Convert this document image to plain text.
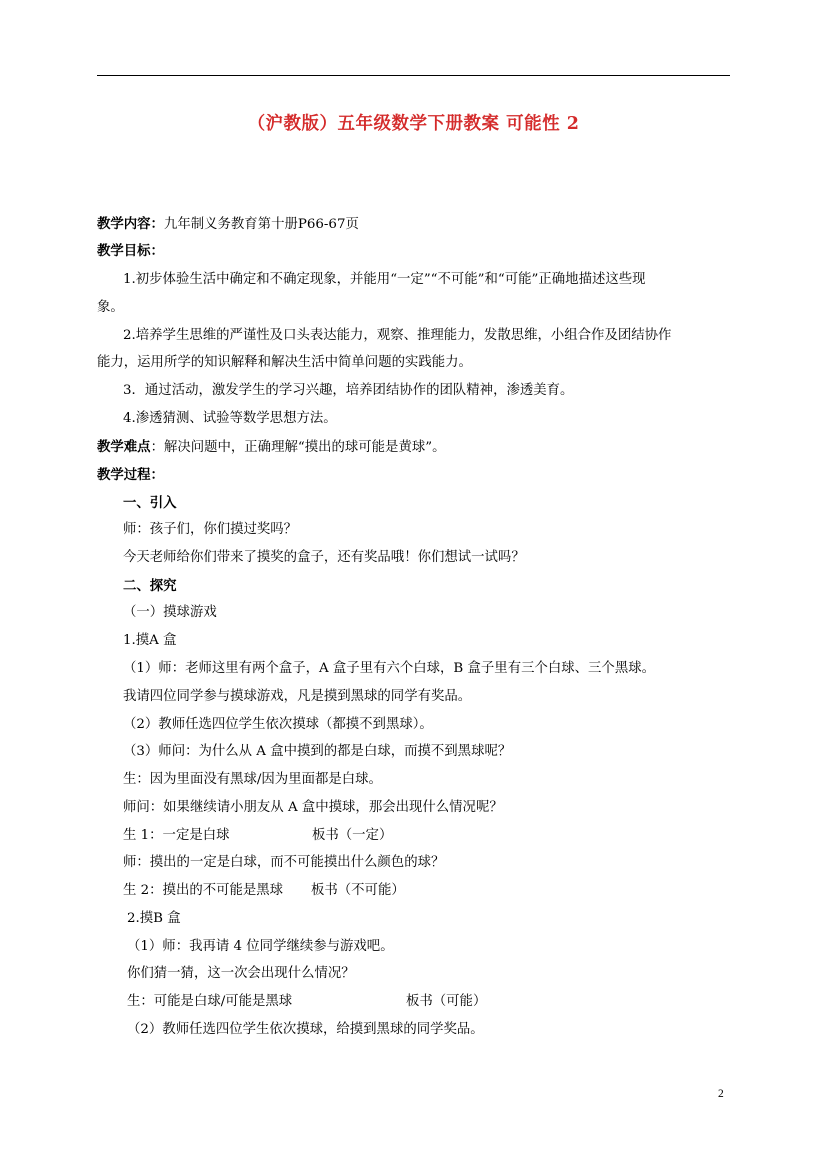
（沪教版）五年级数学下册教案 可能性 2
教学内容：九年制义务教育第十册P66-67页
教学目标：
1.初步体验生活中确定和不确定现象，并能用“一定”“不可能”和“可能”正确地描述这些现
象。
2.培养学生思维的严谨性及口头表达能力，观察、推理能力，发散思维，小组合作及团结协作
能力，运用所学的知识解释和解决生活中简单问题的实践能力。
3．通过活动，激发学生的学习兴趣，培养团结协作的团队精神，渗透美育。
4.渗透猜测、试验等数学思想方法。
教学难点：解决问题中，正确理解“摸出的球可能是黄球”。
教学过程：
一、引入
师：孩子们，你们摸过奖吗？
今天老师给你们带来了摸奖的盒子，还有奖品哦！你们想试一试吗？
二、探究
（一）摸球游戏
1.摸A 盒
（1）师：老师这里有两个盒子，A 盒子里有六个白球，B 盒子里有三个白球、三个黑球。
我请四位同学参与摸球游戏，凡是摸到黑球的同学有奖品。
（2）教师任选四位学生依次摸球（都摸不到黑球）。
（3）师问：为什么从 A 盒中摸到的都是白球，而摸不到黑球呢？
生：因为里面没有黑球/因为里面都是白球。
师问：如果继续请小朋友从 A 盒中摸球，那会出现什么情况呢？
生 1：一定是白球	板书（一定）
师：摸出的一定是白球，而不可能摸出什么颜色的球？
生 2：摸出的不可能是黑球 板书（不可能）
2.摸B 盒
（1）师：我再请 4 位同学继续参与游戏吧。
你们猜一猜，这一次会出现什么情况？
生：可能是白球/可能是黑球	板书（可能）
（2）教师任选四位学生依次摸球，给摸到黑球的同学奖品。
2
